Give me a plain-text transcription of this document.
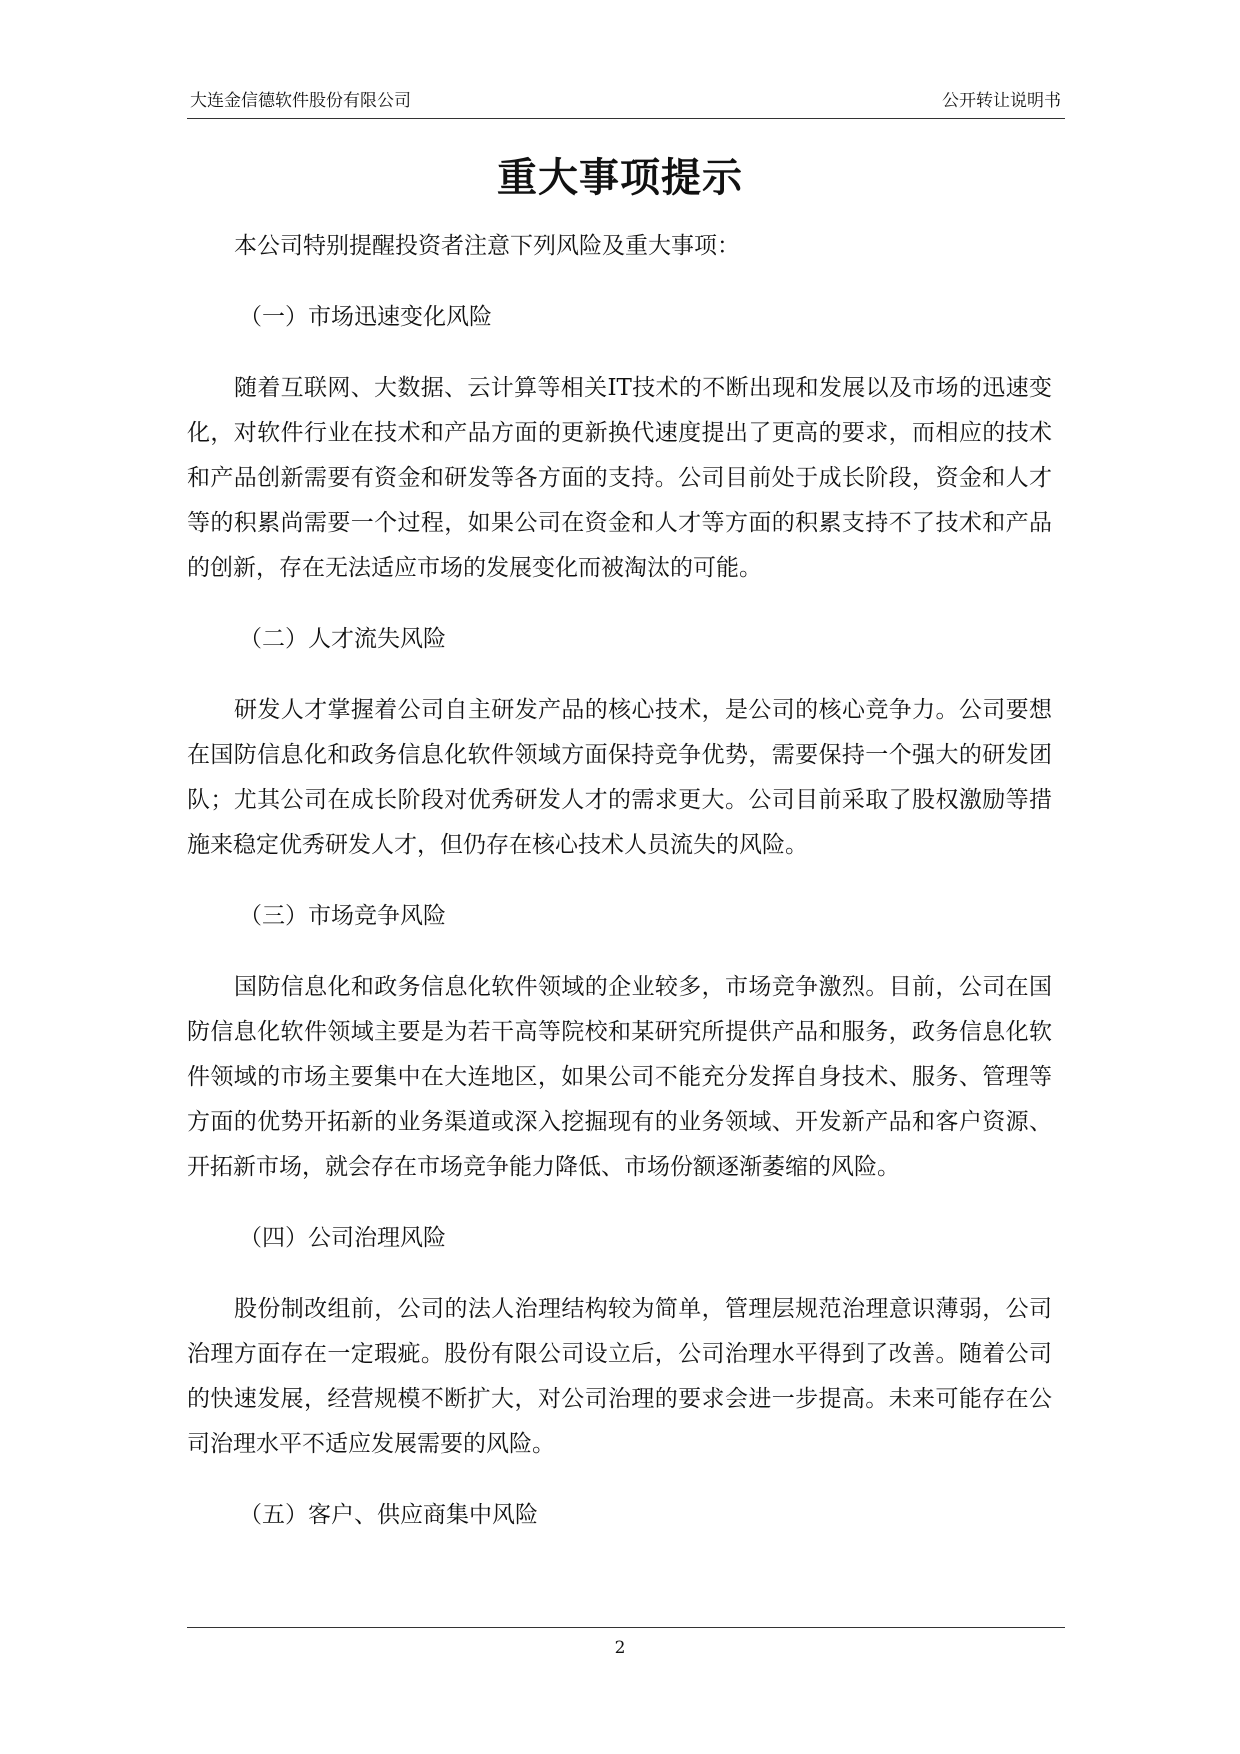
大连金信德软件股份有限公司	公开转让说明书
重大事项提示

本公司特别提醒投资者注意下列风险及重大事项：

（一）市场迅速变化风险

随着互联网、大数据、云计算等相关IT技术的不断出现和发展以及市场的迅速变化，对软件行业在技术和产品方面的更新换代速度提出了更高的要求，而相应的技术和产品创新需要有资金和研发等各方面的支持。公司目前处于成长阶段，资金和人才等的积累尚需要一个过程，如果公司在资金和人才等方面的积累支持不了技术和产品的创新，存在无法适应市场的发展变化而被淘汰的可能。

（二）人才流失风险

研发人才掌握着公司自主研发产品的核心技术，是公司的核心竞争力。公司要想在国防信息化和政务信息化软件领域方面保持竞争优势，需要保持一个强大的研发团队；尤其公司在成长阶段对优秀研发人才的需求更大。公司目前采取了股权激励等措施来稳定优秀研发人才，但仍存在核心技术人员流失的风险。

（三）市场竞争风险

国防信息化和政务信息化软件领域的企业较多，市场竞争激烈。目前，公司在国防信息化软件领域主要是为若干高等院校和某研究所提供产品和服务，政务信息化软件领域的市场主要集中在大连地区，如果公司不能充分发挥自身技术、服务、管理等方面的优势开拓新的业务渠道或深入挖掘现有的业务领域、开发新产品和客户资源、开拓新市场，就会存在市场竞争能力降低、市场份额逐渐萎缩的风险。

（四）公司治理风险

股份制改组前，公司的法人治理结构较为简单，管理层规范治理意识薄弱，公司治理方面存在一定瑕疵。股份有限公司设立后，公司治理水平得到了改善。随着公司的快速发展，经营规模不断扩大，对公司治理的要求会进一步提高。未来可能存在公司治理水平不适应发展需要的风险。

（五）客户、供应商集中风险

2
